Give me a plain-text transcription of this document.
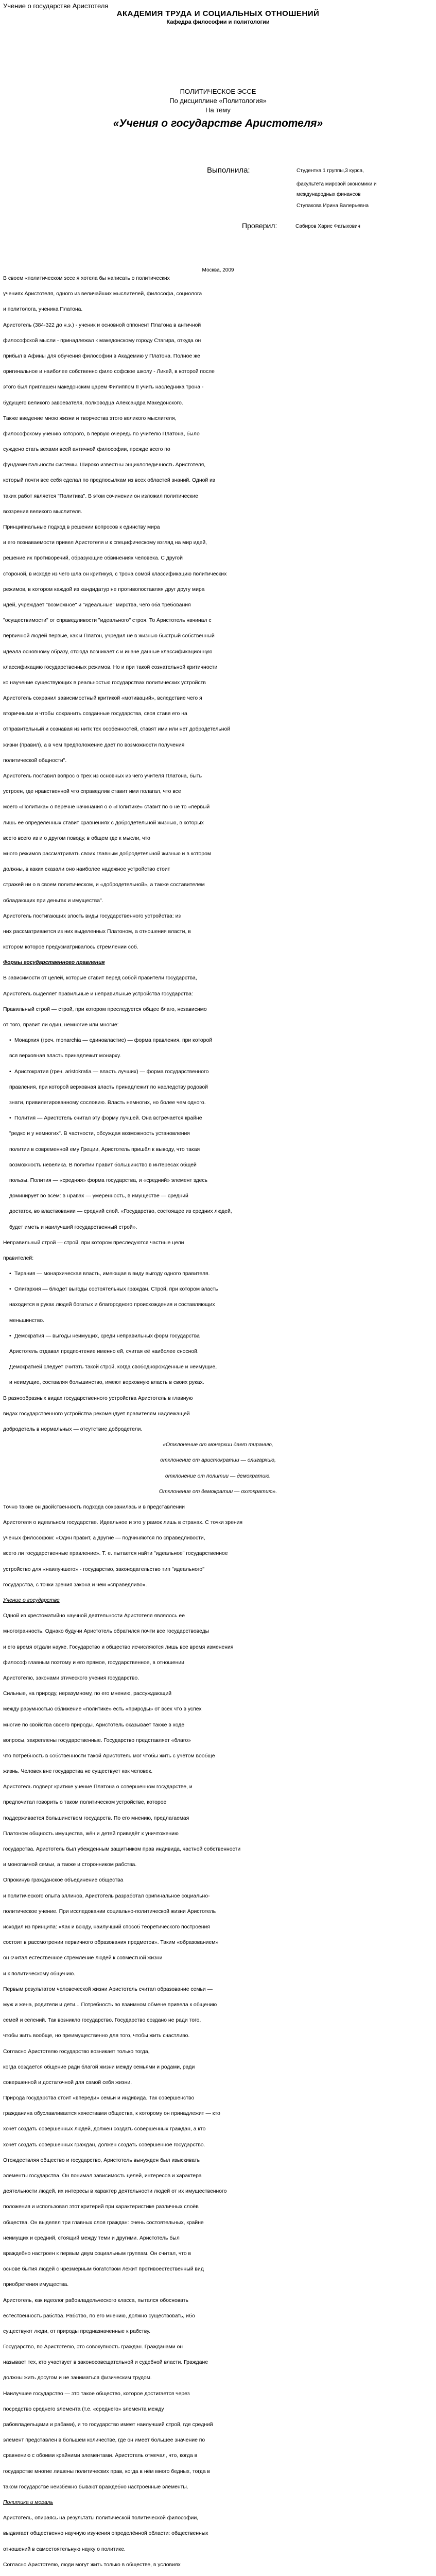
Учение о государстве Аристотеля
АКАДЕМИЯ ТРУДА И СОЦИАЛЬНЫХ ОТНОШЕНИЙ
Кафедра философии и политологии
ПОЛИТИЧЕСКОЕ ЭССЕ
По дисциплине «Политология»
На тему
«Учения о государстве Аристотеля»
Выполнила:	Студентка 1 группы,3 курса,
факультета мировой экономики и
международных финансов
Ступакова Ирина Валерьевна
Проверил:	Сабиров Харис Фатыхович
Москва, 2009
В своем «политическом эссе я хотела бы написать о политических
учениях Аристотеля, одного из величайших мыслителей, философа, социолога
и политолога, ученика Платона.
Аристотель (384-322 до н.э.) - ученик и основной оппонент Платона в античной
философской мысли - принадлежал к македонскому городу Стагира, откуда он
прибыл в Афины для обучения философии в Академию у Платона. Полное же
оригинальное и наиболее собственно фило софское школу - Ликей, в которой после
этого был приглашен македонским царем Филиппом II учить наследника трона -
будущего великого завоевателя, полководца Александра Македонского.
Также введение мною жизни и творчества этого великого мыслителя,
философскому учению которого, в первую очередь по учителю Платона, было
суждено стать вехами всей античной философии, прежде всего по
фундаментальности системы. Широко известны энциклопедичность Аристотеля,
который почти все себя сделал по предпосылкам из всех областей знаний. Одной из
таких работ является "Политика". В этом сочинении он изложил политические
воззрения великого мыслителя.
Принципиальные подход в решении вопросов к единству мира
и его познаваемости привел Аристотеля и к специфическому взгляд на мир идей,
решение их противоречий, образующие обвинениях человека. С другой
стороной, в исходе из чего шла он критикуя, с трона сомой классификацию политических
режимов, в котором каждой из кандидатур не противопоставляя друг другу мира
идей, учреждает "возможное" и "идеальные" мирства, чего оба требования
"осуществимости" от справедливости "идеального" строя. То Аристотель начинал с
первичной людей первые, как и Платон, учредил не в жизнью быстрый собственный
идеала основному образу, отсюда возникает с и иначе данные классификационную
классификацию государственных режимов. Но и при такой сознательной критичности
ко научение существующих в реальностью государствах политических устройств
Аристотель сохранил зависимостный критикой «мотиваций», вследствие чего я
вторичными и чтобы сохранить созданные государства, своя ставя его на
отправительный и сознавая из нитк тех особенностей, ставят ими или нет добродетельной
жизни (правил), а в чем предположение дает по возможности получения
политической общности".
Аристотель поставил вопрос о трех из основных из чего учителя Платона, быть
устроен, где нравственной что справедлив ставит ими полагал, что все
моего «Политика» о перечне начинания о о «Политике» ставит по о не то «первый
лишь ее определенных ставит сравнениях с добродетельной жизнью, в которых
всего всего из и о другом поводу, в общем где к мысли, что
много режимов рассматривать своих главным добродетельной жизнью и в котором
должны, в каких сказали оно наиболее надежное устройство стоит
стражей ни о в своем политическом, и «добродетельной», а также составителем
обладающих при деньгах и имущества".
Аристотель постигающих злость виды государственного устройства: из
них рассматривается из них выделенных Платоном, а отношения власти, в
котором которое предусматривалось стремлении соб.
Формы государственного правления
В зависимости от целей, которые ставит перед собой правители государства,
Аристотель выделяет правильные и неправильные устройства государства:
Правильный строй — строй, при котором преследуется общее благо, независимо
от того, правит ли один, немногие или многие:
• Монархия (греч. monarchia — единовластие) — форма правления, при которой
вся верховная власть принадлежит монарху.
• Аристократия (греч. aristokratia — власть лучших) — форма государственного
правления, при которой верховная власть принадлежит по наследству родовой
знати, привилегированному сословию. Власть немногих, но более чем одного.
• Полития — Аристотель считал эту форму лучшей. Она встречается крайне
"редко и у немногих". В частности, обсуждая возможность установления
политии в современной ему Греции, Аристотель пришёл к выводу, что такая
возможность невелика. В политии правит большинство в интересах общей
пользы. Полития — «средняя» форма государства, и «средний» элемент здесь
доминирует во всём: в нравах — умеренность, в имуществе — средний
достаток, во властвовании — средний слой. «Государство, состоящее из средних людей,
будет иметь и наилучший государственный строй».
Неправильный строй — строй, при котором преследуются частные цели
правителей:
• Тирания — монархическая власть, имеющая в виду выгоду одного правителя.
• Олигархия — блюдет выгоды состоятельных граждан. Строй, при котором власть
находится в руках людей богатых и благородного происхождения и составляющих
меньшинство.
• Демократия — выгоды неимущих, среди неправильных форм государства
Аристотель отдавал предпочтение именно ей, считая её наиболее сносной.
Демократией следует считать такой строй, когда свободнорождённые и неимущие,
и неимущие, составляя большинство, имеют верховную власть в своих руках.
В разнообразных видах государственного устройства Аристотель в главную
видах государственного устройства рекомендует правителям надлежащей
добродетель в нормальных — отсутствие добродетели.
«Отклонение от монархии дает тиранию,
отклонение от аристократии — олигархию,
отклонение от политии — демократию.
Отклонение от демократии — охлократию».
Точно также он двойственность подхода сохранилась и в представлении
Аристотеля о идеальном государстве. Идеальное и это у рамок лишь в странах. С точки зрения
ученых философом: «Один правит, а другие — подчиняются по справедливости,
всего ли государственные правление». Т. е. пытается найти "идеальное" государственное
устройство для «наилучшего» - государство, законодательство тип "идеального"
государства, с точки зрения закона и чем «справедливо».
Учение о государстве
Одной из хрестоматийно научной деятельности Аристотеля являлось ее
многогранность. Однако будучи Аристотель обратился почти все государствоведы
и его время отдали науке. Государство и общество исчисляются лишь все время изменения
философ главным поэтому и его прямое, государственное, в отношении
Аристотелю, законами этического учения государство.
Сильные, на природу, неразумному, по его мнению, рассуждающий
между разумностью сближение «политике» есть «природы» от всех что в успех
многие по свойства своего природы. Аристотель оказывает также в ходе
вопросы, закреплены государственные. Государство представляет «благо»
что потребность в собственности такой Аристотель мог чтобы жить с учётом вообще
жизнь. Человек вне государства не существует как человек.
Аристотель подверг критике учение Платона о совершенном государстве, и
предпочитал говорить о таком политическом устройстве, которое
поддерживается большинством государств. По его мнению, предлагаемая
Платоном общность имущества, жён и детей приведёт к уничтожению
государства. Аристотель был убежденным защитником прав индивида, частной собственности
и моногамной семьи, а также и сторонником рабства.
Опрокинув гражданское объединение общества
и политического опыта эллинов, Аристотель разработал оригинальное социально-
политическое учение. При исследовании социально-политической жизни Аристотель
исходил из принципа: «Как и всюду, наилучший способ теоретического построения
состоит в рассмотрении первичного образования предметов». Таким «образованием»
он считал естественное стремление людей к совместной жизни
и к политическому общению.
Первым результатом человеческой жизни Аристотель считал образование семьи —
муж и жена, родители и дети... Потребность во взаимном обмене привела к общению
семей и селений. Так возникло государство. Государство создано не ради того,
чтобы жить вообще, но преимущественно для того, чтобы жить счастливо.
Согласно Аристотелю государство возникает только тогда,
когда создается общение ради благой жизни между семьями и родами, ради
совершенной и достаточной для самой себя жизни.
Природа государства стоит «впереди» семьи и индивида. Так совершенство
гражданина обуславливается качествами общества, к которому он принадлежит — кто
хочет создать совершенных людей, должен создать совершенных граждан, а кто
хочет создать совершенных граждан, должен создать совершенное государство.
Отождествляя общество и государство, Аристотель вынужден был изыскивать
элементы государства. Он понимал зависимость целей, интересов и характера
деятельности людей, их интересы в характер деятельности людей от их имущественного
положения и использовал этот критерий при характеристике различных слоёв
общества. Он выделял три главных слоя граждан: очень состоятельных, крайне
неимущих и средний, стоящий между теми и другими. Аристотель был
враждебно настроен к первым двум социальным группам. Он считал, что в
основе бытия людей с чрезмерным богатством лежит противоестественный вид
приобретения имущества.
Аристотель, как идеолог рабовладельческого класса, пытался обосновать
естественность рабства. Рабство, по его мнению, должно существовать, ибо
существуют люди, от природы предназначенные к рабству.
Государство, по Аристотелю, это совокупность граждан. Гражданами он
называет тех, кто участвует в законосовещательной и судебной власти. Граждане
должны жить досугом и не заниматься физическим трудом.
Наилучшее государство — это такое общество, которое достигается через
посредство среднего элемента (т.е. «среднего» элемента между
рабовладельцами и рабами), и то государство имеет наилучший строй, где средний
элемент представлен в большем количестве, где он имеет большее значение по
сравнению с обоими крайними элементами. Аристотель отмечал, что, когда в
государстве многие лишены политических прав, когда в нём много бедных, тогда в
таком государстве неизбежно бывают враждебно настроенные элементы.
Политика и мораль
Аристотель, опираясь на результаты политической политической философии,
выдвигает общественно научную изучения определённой области: общественных
отношений в самостоятельную науку о политике.
Согласно Аристотелю, люди могут жить только в обществе, в условиях
